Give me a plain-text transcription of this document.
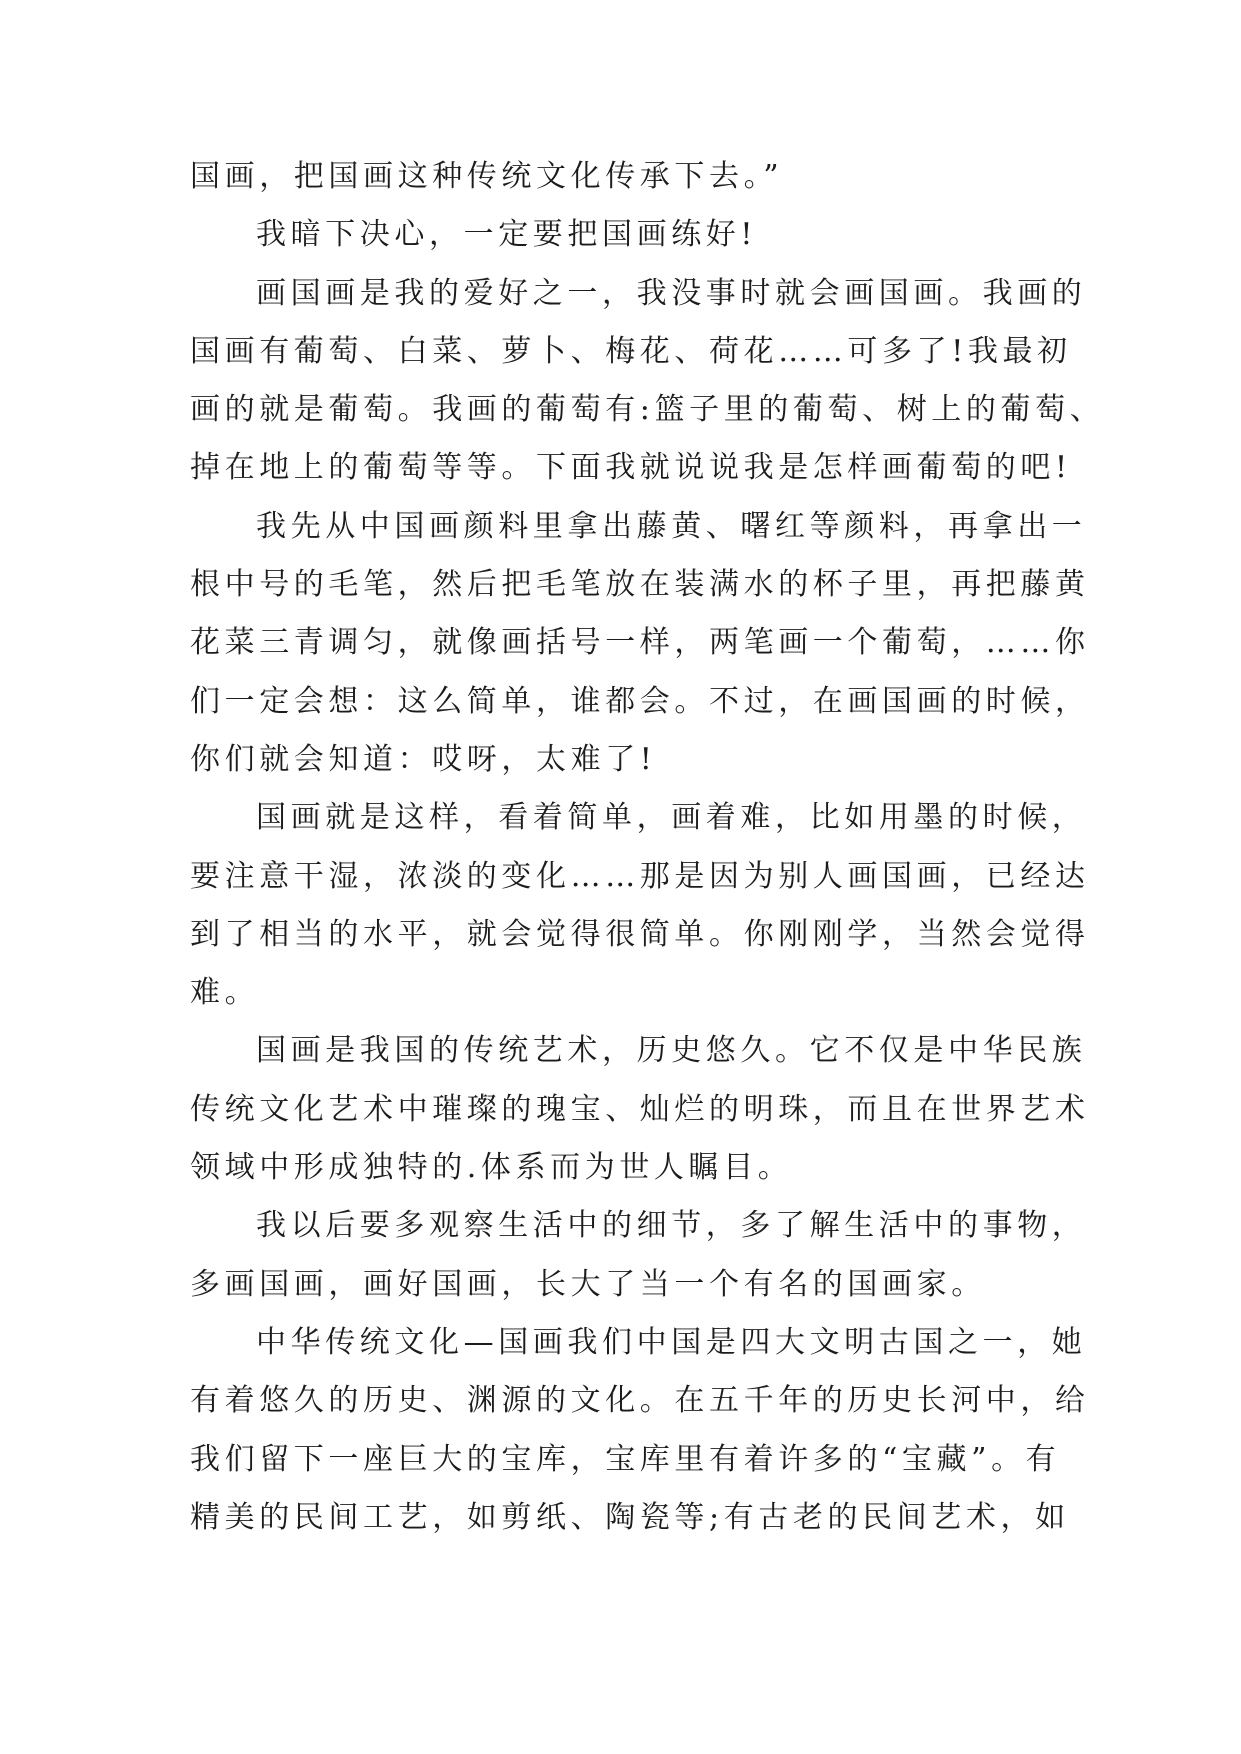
国画，把国画这种传统文化传承下去。”
我暗下决心，一定要把国画练好!
画国画是我的爱好之一，我没事时就会画国画。我画的
国画有葡萄、白菜、萝卜、梅花、荷花……可多了!我最初
画的就是葡萄。我画的葡萄有:篮子里的葡萄、树上的葡萄、
掉在地上的葡萄等等。下面我就说说我是怎样画葡萄的吧!
我先从中国画颜料里拿出藤黄、曙红等颜料，再拿出一
根中号的毛笔，然后把毛笔放在装满水的杯子里，再把藤黄
花菜三青调匀，就像画括号一样，两笔画一个葡萄，……你
们一定会想：这么简单，谁都会。不过，在画国画的时候，
你们就会知道：哎呀，太难了!
国画就是这样，看着简单，画着难，比如用墨的时候，
要注意干湿，浓淡的变化……那是因为别人画国画，已经达
到了相当的水平，就会觉得很简单。你刚刚学，当然会觉得
难。
国画是我国的传统艺术，历史悠久。它不仅是中华民族
传统文化艺术中璀璨的瑰宝、灿烂的明珠，而且在世界艺术
领域中形成独特的.体系而为世人瞩目。
我以后要多观察生活中的细节，多了解生活中的事物，
多画国画，画好国画，长大了当一个有名的国画家。
中华传统文化—国画我们中国是四大文明古国之一，她
有着悠久的历史、渊源的文化。在五千年的历史长河中，给
我们留下一座巨大的宝库，宝库里有着许多的“宝藏”。有
精美的民间工艺，如剪纸、陶瓷等;有古老的民间艺术，如
